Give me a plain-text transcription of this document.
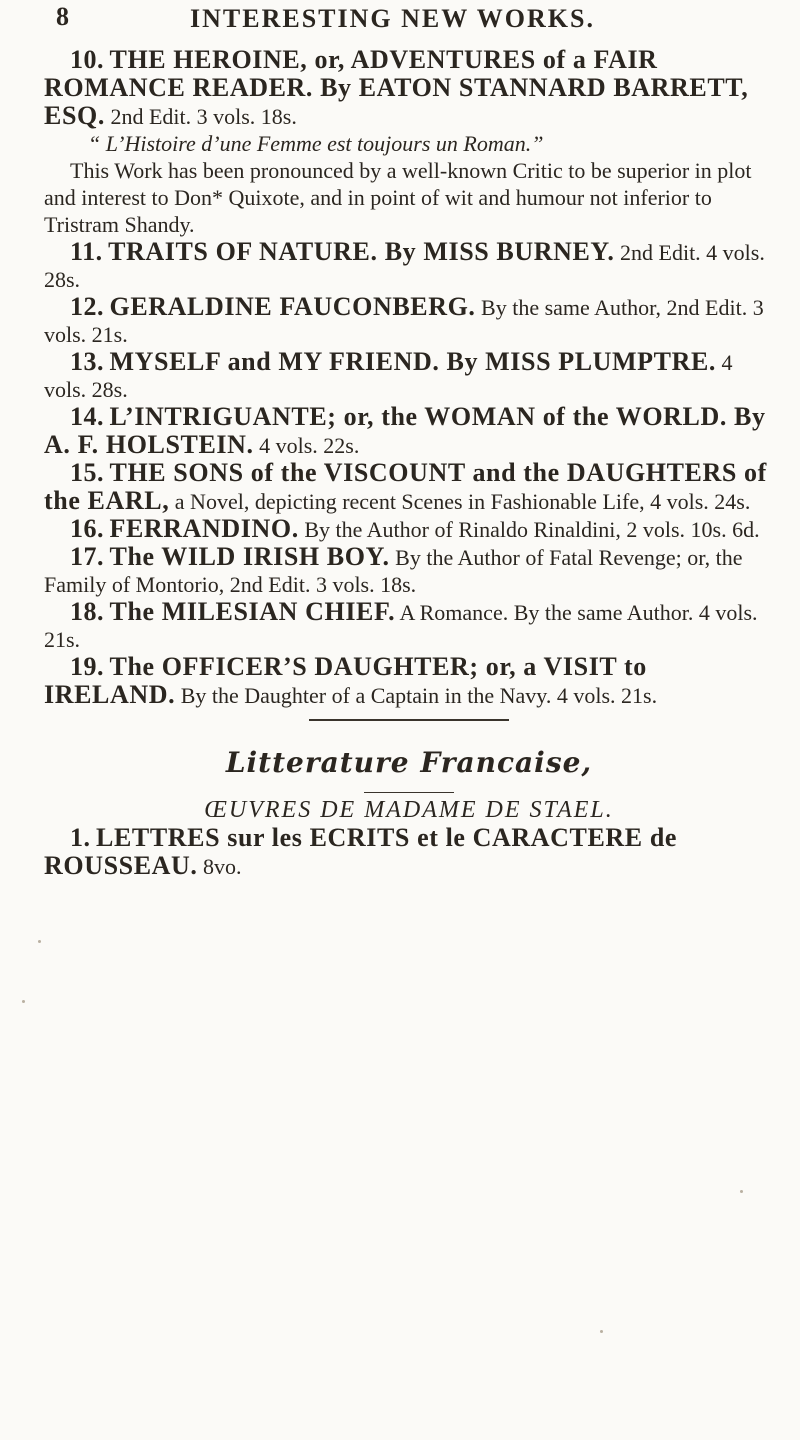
8	INTERESTING NEW WORKS.

10. THE HEROINE, or, ADVENTURES of a FAIR ROMANCE READER. By EATON STANNARD BARRETT, ESQ. 2nd Edit. 3 vols. 18s.

“ L’Histoire d’une Femme est toujours un Roman.”

This Work has been pronounced by a well-known Critic to be superior in plot and interest to Don* Quixote, and in point of wit and humour not inferior to Tristram Shandy.

11. TRAITS OF NATURE. By MISS BURNEY. 2nd Edit. 4 vols. 28s.

12. GERALDINE FAUCONBERG. By the same Author, 2nd Edit. 3 vols. 21s.

13. MYSELF and MY FRIEND. By MISS PLUMPTRE. 4 vols. 28s.

14. L’INTRIGUANTE; or, the WOMAN of the WORLD. By A. F. HOLSTEIN. 4 vols. 22s.

15. THE SONS of the VISCOUNT and the DAUGHTERS of the EARL, a Novel, depicting recent Scenes in Fashionable Life, 4 vols. 24s.

16. FERRANDINO. By the Author of Rinaldo Rinaldini, 2 vols. 10s. 6d.

17. The WILD IRISH BOY. By the Author of Fatal Revenge; or, the Family of Montorio, 2nd Edit. 3 vols. 18s.

18. The MILESIAN CHIEF. A Romance. By the same Author. 4 vols. 21s.

19. The OFFICER’S DAUGHTER; or, a VISIT to IRELAND. By the Daughter of a Captain in the Navy. 4 vols. 21s.

Litterature Francaise,
ŒUVRES DE MADAME DE STAEL.

1. LETTRES sur les ECRITS et le CARACTERE de ROUSSEAU. 8vo.
